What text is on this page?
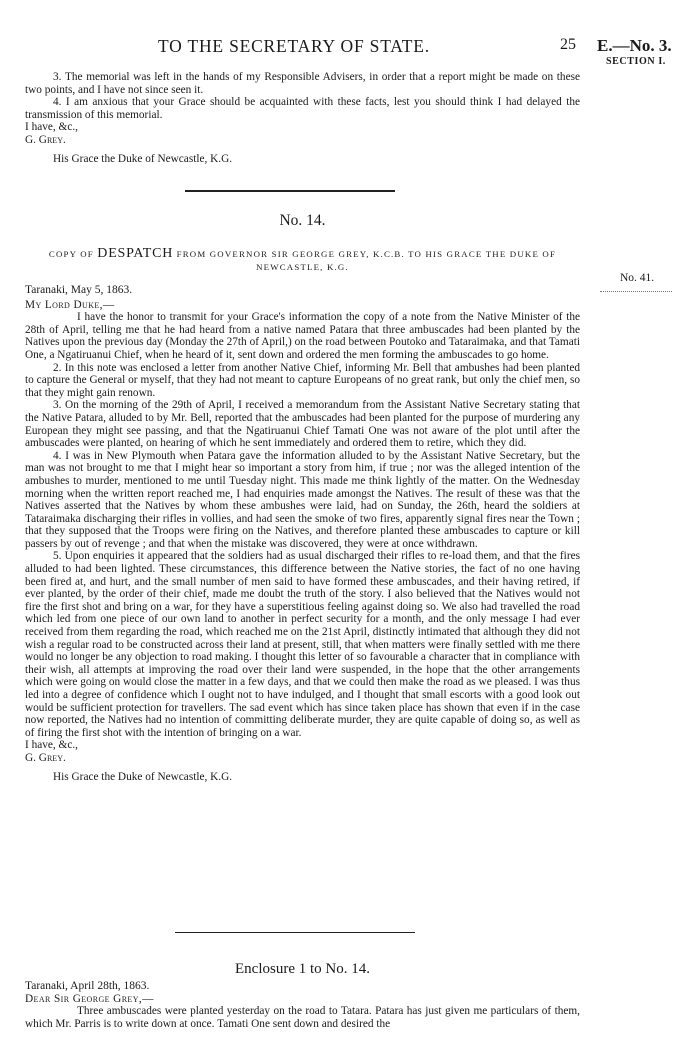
TO THE SECRETARY OF STATE.	25 E.—No. 3.
SECTION I.

3. The memorial was left in the hands of my Responsible Advisers, in order that a report might be made on these two points, and I have not since seen it.

4. I am anxious that your Grace should be acquainted with these facts, lest you should think I had delayed the transmission of this memorial.

I have, &c.,

G. Grey.

His Grace the Duke of Newcastle, K.G.

No. 14.
COPY OF DESPATCH FROM GOVERNOR SIR GEORGE GREY, K.C.B. TO HIS GRACE THE DUKE OF NEWCASTLE, K.G.
No. 41.

Taranaki, May 5, 1863.

My Lord Duke,—

I have the honor to transmit for your Grace's information the copy of a note from the Native Minister of the 28th of April, telling me that he had heard from a native named Patara that three ambuscades had been planted by the Natives upon the previous day (Monday the 27th of April,) on the road between Poutoko and Tataraimaka, and that Tamati One, a Ngatiruanui Chief, when he heard of it, sent down and ordered the men forming the ambuscades to go home.

2. In this note was enclosed a letter from another Native Chief, informing Mr. Bell that ambushes had been planted to capture the General or myself, that they had not meant to capture Europeans of no great rank, but only the chief men, so that they might gain renown.

3. On the morning of the 29th of April, I received a memorandum from the Assistant Native Secretary stating that the Native Patara, alluded to by Mr. Bell, reported that the ambuscades had been planted for the purpose of murdering any European they might see passing, and that the Ngatiruanui Chief Tamati One was not aware of the plot until after the ambuscades were planted, on hearing of which he sent immediately and ordered them to retire, which they did.

4. I was in New Plymouth when Patara gave the information alluded to by the Assistant Native Secretary, but the man was not brought to me that I might hear so important a story from him, if true ; nor was the alleged intention of the ambushes to murder, mentioned to me until Tuesday night. This made me think lightly of the matter. On the Wednesday morning when the written report reached me, I had enquiries made amongst the Natives. The result of these was that the Natives asserted that the Natives by whom these ambushes were laid, had on Sunday, the 26th, heard the soldiers at Tataraimaka discharging their rifles in vollies, and had seen the smoke of two fires, apparently signal fires near the Town ; that they supposed that the Troops were firing on the Natives, and therefore planted these ambuscades to capture or kill passers by out of revenge ; and that when the mistake was discovered, they were at once withdrawn.

5. Upon enquiries it appeared that the soldiers had as usual discharged their rifles to re-load them, and that the fires alluded to had been lighted. These circumstances, this difference between the Native stories, the fact of no one having been fired at, and hurt, and the small number of men said to have formed these ambuscades, and their having retired, if ever planted, by the order of their chief, made me doubt the truth of the story. I also believed that the Natives would not fire the first shot and bring on a war, for they have a superstitious feeling against doing so. We also had travelled the road which led from one piece of our own land to another in perfect security for a month, and the only message I had ever received from them regarding the road, which reached me on the 21st April, distinctly intimated that although they did not wish a regular road to be constructed across their land at present, still, that when matters were finally settled with me there would no longer be any objection to road making. I thought this letter of so favourable a character that in compliance with their wish, all attempts at improving the road over their land were suspended, in the hope that the other arrangements which were going on would close the matter in a few days, and that we could then make the road as we pleased. I was thus led into a degree of confidence which I ought not to have indulged, and I thought that small escorts with a good look out would be sufficient protection for travellers. The sad event which has since taken place has shown that even if in the case now reported, the Natives had no intention of committing deliberate murder, they are quite capable of doing so, as well as of firing the first shot with the intention of bringing on a war.

I have, &c.,

G. Grey.

His Grace the Duke of Newcastle, K.G.

Enclosure 1 to No. 14.

Taranaki, April 28th, 1863.

Dear Sir George Grey,—

Three ambuscades were planted yesterday on the road to Tatara. Patara has just given me particulars of them, which Mr. Parris is to write down at once. Tamati One sent down and desired the
